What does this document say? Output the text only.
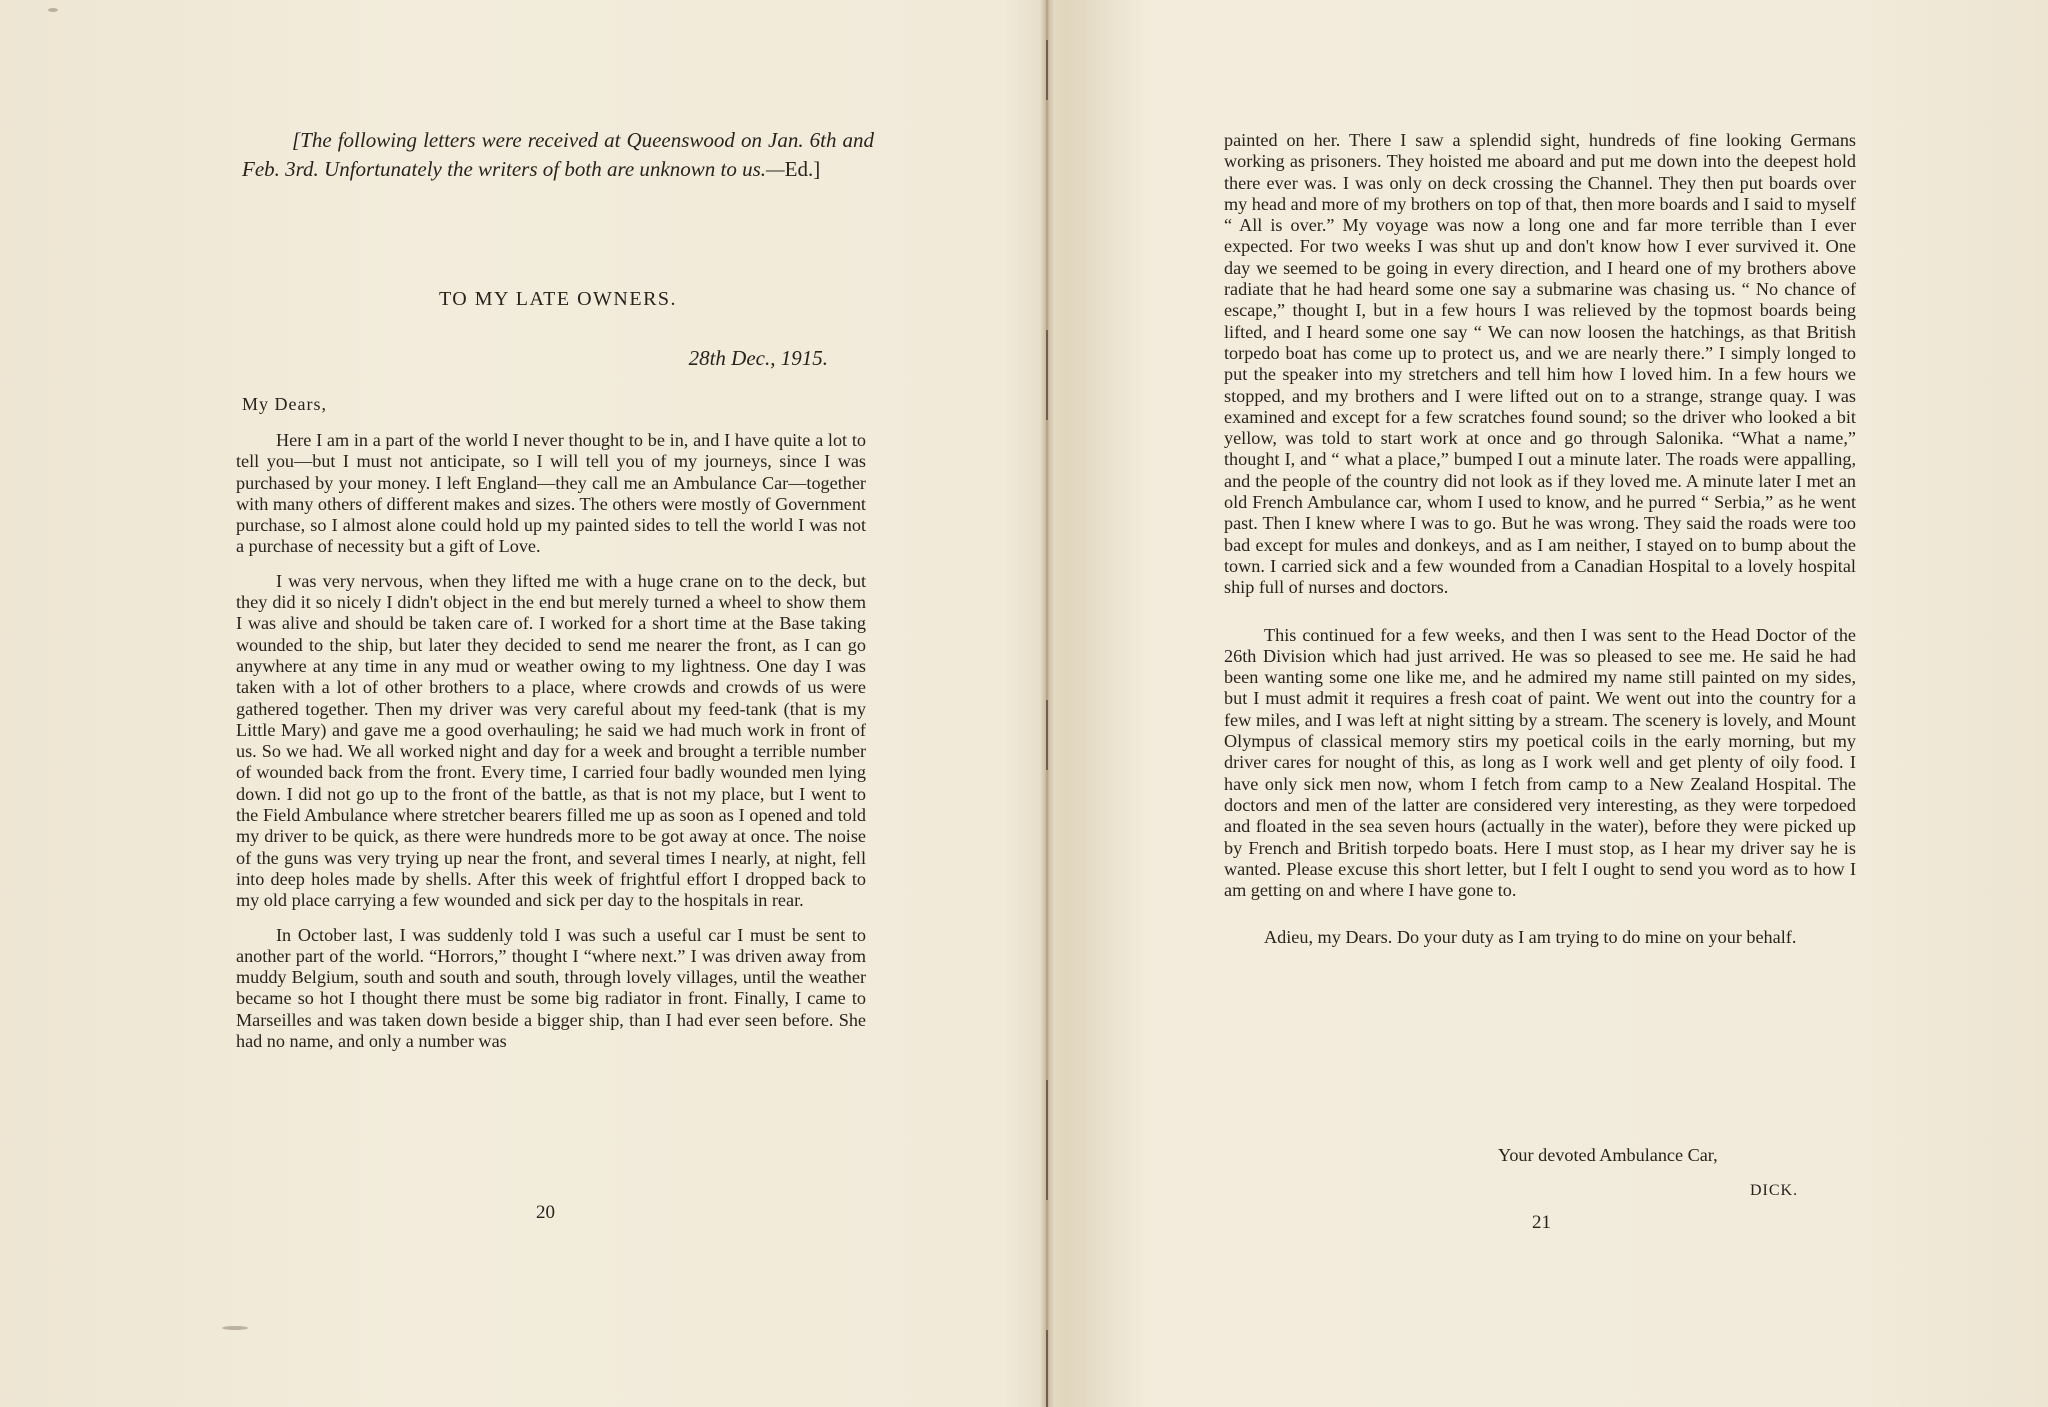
[The following letters were received at Queenswood on Jan. 6th and Feb. 3rd. Unfortunately the writers of both are unknown to us.—Ed.]

TO MY LATE OWNERS.

28th Dec., 1915.

My Dears,

Here I am in a part of the world I never thought to be in, and I have quite a lot to tell you—but I must not anticipate, so I will tell you of my journeys, since I was purchased by your money. I left England—they call me an Ambulance Car—together with many others of different makes and sizes. The others were mostly of Government purchase, so I almost alone could hold up my painted sides to tell the world I was not a purchase of necessity but a gift of Love.

I was very nervous, when they lifted me with a huge crane on to the deck, but they did it so nicely I didn't object in the end but merely turned a wheel to show them I was alive and should be taken care of. I worked for a short time at the Base taking wounded to the ship, but later they decided to send me nearer the front, as I can go anywhere at any time in any mud or weather owing to my lightness. One day I was taken with a lot of other brothers to a place, where crowds and crowds of us were gathered together. Then my driver was very careful about my feed-tank (that is my Little Mary) and gave me a good overhauling; he said we had much work in front of us. So we had. We all worked night and day for a week and brought a terrible number of wounded back from the front. Every time, I carried four badly wounded men lying down. I did not go up to the front of the battle, as that is not my place, but I went to the Field Ambulance where stretcher bearers filled me up as soon as I opened and told my driver to be quick, as there were hundreds more to be got away at once. The noise of the guns was very trying up near the front, and several times I nearly, at night, fell into deep holes made by shells. After this week of frightful effort I dropped back to my old place carrying a few wounded and sick per day to the hospitals in rear.

In October last, I was suddenly told I was such a useful car I must be sent to another part of the world. “Horrors,” thought I “where next.” I was driven away from muddy Belgium, south and south and south, through lovely villages, until the weather became so hot I thought there must be some big radiator in front. Finally, I came to Marseilles and was taken down beside a bigger ship, than I had ever seen before. She had no name, and only a number was

20

painted on her. There I saw a splendid sight, hundreds of fine looking Germans working as prisoners. They hoisted me aboard and put me down into the deepest hold there ever was. I was only on deck crossing the Channel. They then put boards over my head and more of my brothers on top of that, then more boards and I said to myself “ All is over.” My voyage was now a long one and far more terrible than I ever expected. For two weeks I was shut up and don't know how I ever survived it. One day we seemed to be going in every direction, and I heard one of my brothers above radiate that he had heard some one say a submarine was chasing us. “ No chance of escape,” thought I, but in a few hours I was relieved by the topmost boards being lifted, and I heard some one say “ We can now loosen the hatchings, as that British torpedo boat has come up to protect us, and we are nearly there.” I simply longed to put the speaker into my stretchers and tell him how I loved him. In a few hours we stopped, and my brothers and I were lifted out on to a strange, strange quay. I was examined and except for a few scratches found sound; so the driver who looked a bit yellow, was told to start work at once and go through Salonika. “What a name,” thought I, and “ what a place,” bumped I out a minute later. The roads were appalling, and the people of the country did not look as if they loved me. A minute later I met an old French Ambulance car, whom I used to know, and he purred “ Serbia,” as he went past. Then I knew where I was to go. But he was wrong. They said the roads were too bad except for mules and donkeys, and as I am neither, I stayed on to bump about the town. I carried sick and a few wounded from a Canadian Hospital to a lovely hospital ship full of nurses and doctors.

This continued for a few weeks, and then I was sent to the Head Doctor of the 26th Division which had just arrived. He was so pleased to see me. He said he had been wanting some one like me, and he admired my name still painted on my sides, but I must admit it requires a fresh coat of paint. We went out into the country for a few miles, and I was left at night sitting by a stream. The scenery is lovely, and Mount Olympus of classical memory stirs my poetical coils in the early morning, but my driver cares for nought of this, as long as I work well and get plenty of oily food. I have only sick men now, whom I fetch from camp to a New Zealand Hospital. The doctors and men of the latter are considered very interesting, as they were torpedoed and floated in the sea seven hours (actually in the water), before they were picked up by French and British torpedo boats. Here I must stop, as I hear my driver say he is wanted. Please excuse this short letter, but I felt I ought to send you word as to how I am getting on and where I have gone to.

Adieu, my Dears. Do your duty as I am trying to do mine on your behalf.

Your devoted Ambulance Car,

DICK.

21
